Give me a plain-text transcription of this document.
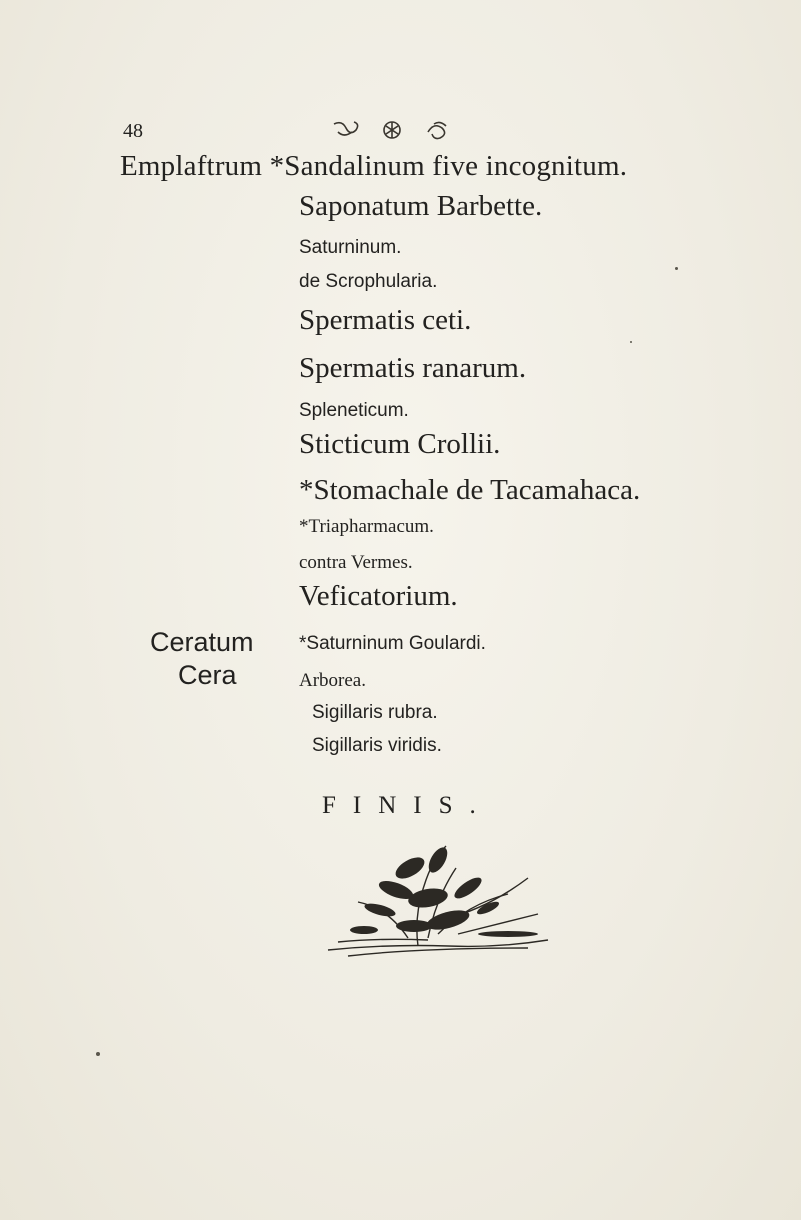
48
Emplaftrum *Sandalinum five incognitum.
Saponatum Barbette.
Saturninum.
de Scrophularia.
Spermatis ceti.
Spermatis ranarum.
Spleneticum.
Sticticum Crollii.
*Stomachale de Tacamahaca.
*Triapharmacum.
contra Vermes.
Veficatorium.
Ceratum
Cera
*Saturninum Goulardi.
Arborea.
Sigillaris rubra.
Sigillaris viridis.
FINIS.
